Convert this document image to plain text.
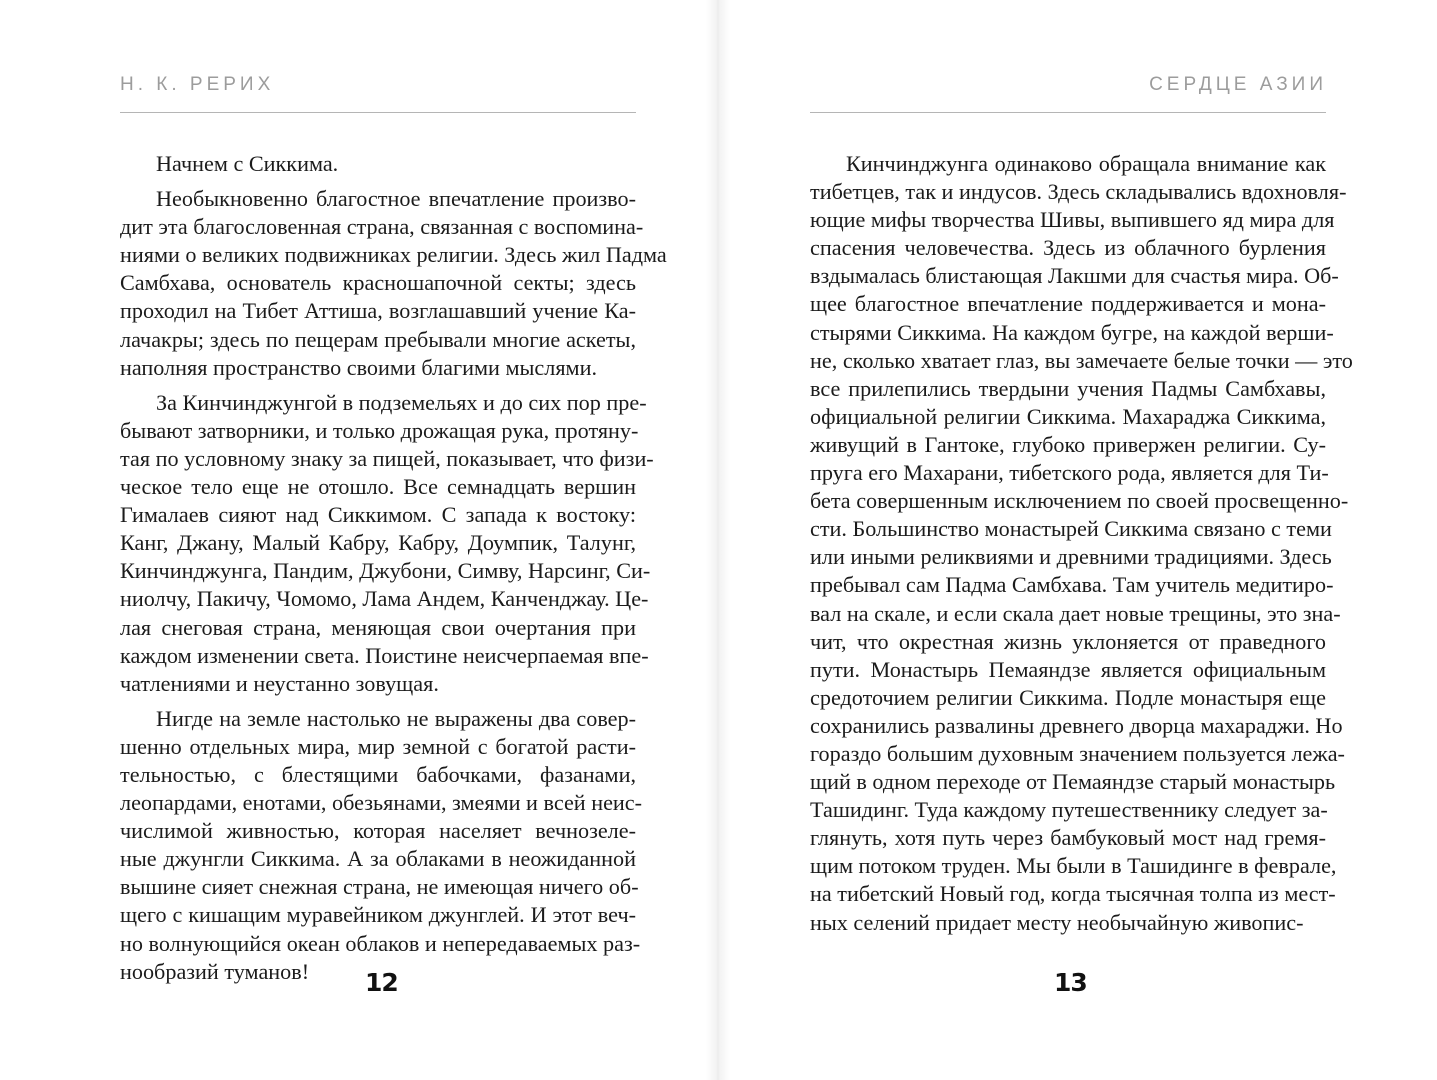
Н. К. РЕРИХ
Начнем с Сиккима.
Необыкновенно благостное впечатление произво-
дит эта благословенная страна, связанная с воспомина-
ниями о великих подвижниках религии. Здесь жил Падма
Самбхава, основатель красношапочной секты; здесь
проходил на Тибет Аттиша, возглашавший учение Ка-
лачакры; здесь по пещерам пребывали многие аскеты,
наполняя пространство своими благими мыслями.
За Кинчинджунгой в подземельях и до сих пор пре-
бывают затворники, и только дрожащая рука, протяну-
тая по условному знаку за пищей, показывает, что физи-
ческое тело еще не отошло. Все семнадцать вершин
Гималаев сияют над Сиккимом. С запада к востоку:
Канг, Джану, Малый Кабру, Кабру, Доумпик, Талунг,
Кинчинджунга, Пандим, Джубони, Симву, Нарсинг, Си-
ниолчу, Пакичу, Чомомо, Лама Андем, Канченджау. Це-
лая снеговая страна, меняющая свои очертания при
каждом изменении света. Поистине неисчерпаемая впе-
чатлениями и неустанно зовущая.
Нигде на земле настолько не выражены два совер-
шенно отдельных мира, мир земной с богатой расти-
тельностью, с блестящими бабочками, фазанами,
леопардами, енотами, обезьянами, змеями и всей неис-
числимой живностью, которая населяет вечнозеле-
ные джунгли Сиккима. А за облаками в неожиданной
вышине сияет снежная страна, не имеющая ничего об-
щего с кишащим муравейником джунглей. И этот веч-
но волнующийся океан облаков и непередаваемых раз-
нообразий туманов!	12
СЕРДЦЕ АЗИИ
Кинчинджунга одинаково обращала внимание как
тибетцев, так и индусов. Здесь складывались вдохновля-
ющие мифы творчества Шивы, выпившего яд мира для
спасения человечества. Здесь из облачного бурления
вздымалась блистающая Лакшми для счастья мира. Об-
щее благостное впечатление поддерживается и мона-
стырями Сиккима. На каждом бугре, на каждой верши-
не, сколько хватает глаз, вы замечаете белые точки — это
все прилепились твердыни учения Падмы Самбхавы,
официальной религии Сиккима. Махараджа Сиккима,
живущий в Гантоке, глубоко привержен религии. Су-
пруга его Махарани, тибетского рода, является для Ти-
бета совершенным исключением по своей просвещенно-
сти. Большинство монастырей Сиккима связано с теми
или иными реликвиями и древними традициями. Здесь
пребывал сам Падма Самбхава. Там учитель медитиро-
вал на скале, и если скала дает новые трещины, это зна-
чит, что окрестная жизнь уклоняется от праведного
пути. Монастырь Пемаяндзе является официальным
средоточием религии Сиккима. Подле монастыря еще
сохранились развалины древнего дворца махараджи. Но
гораздо большим духовным значением пользуется лежа-
щий в одном переходе от Пемаяндзе старый монастырь
Ташидинг. Туда каждому путешественнику следует за-
глянуть, хотя путь через бамбуковый мост над гремя-
щим потоком труден. Мы были в Ташидинге в феврале,
на тибетский Новый год, когда тысячная толпа из мест-
ных селений придает месту необычайную живопис-
13
